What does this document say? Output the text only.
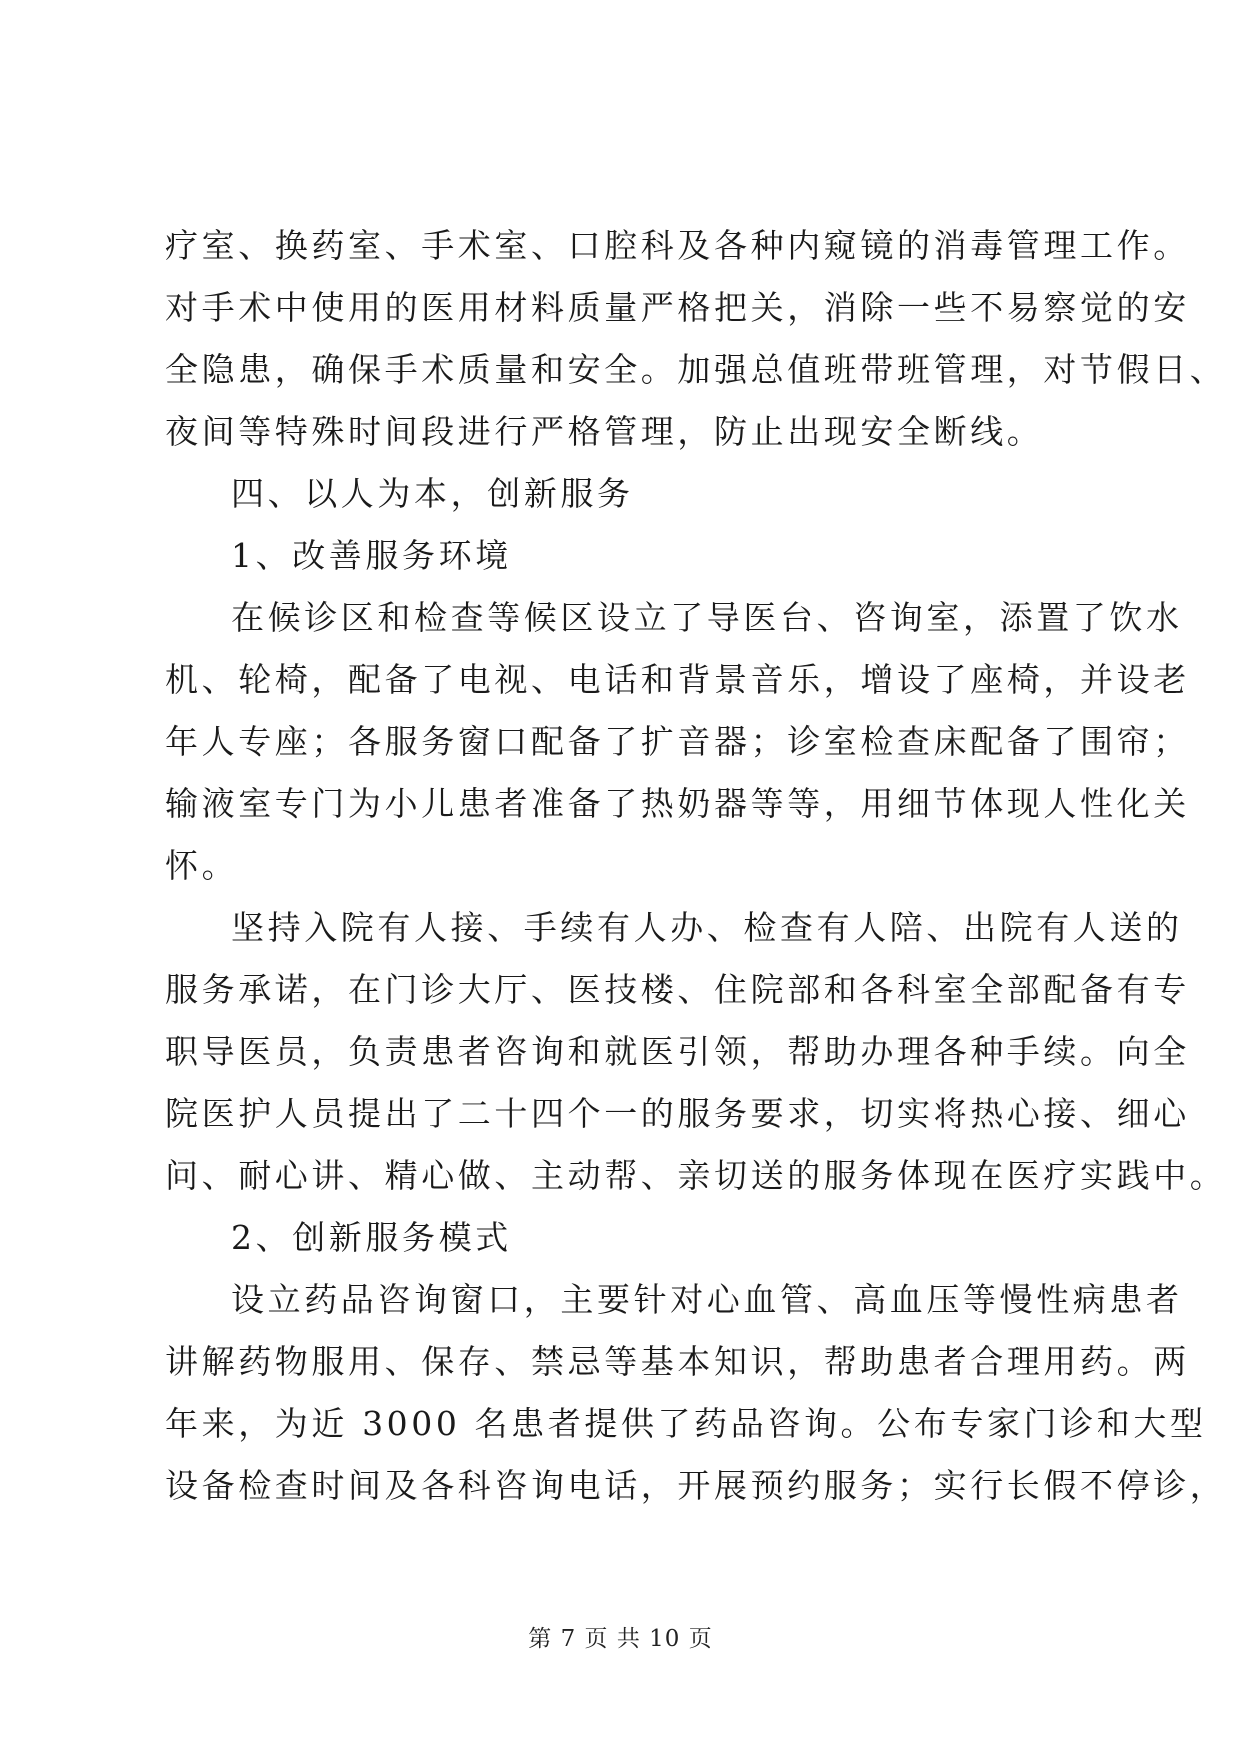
疗室、换药室、手术室、口腔科及各种内窥镜的消毒管理工作。
对手术中使用的医用材料质量严格把关，消除一些不易察觉的安
全隐患，确保手术质量和安全。加强总值班带班管理，对节假日、
夜间等特殊时间段进行严格管理，防止出现安全断线。
四、以人为本，创新服务
1、改善服务环境
在候诊区和检查等候区设立了导医台、咨询室，添置了饮水
机、轮椅，配备了电视、电话和背景音乐，增设了座椅，并设老
年人专座；各服务窗口配备了扩音器；诊室检查床配备了围帘；
输液室专门为小儿患者准备了热奶器等等，用细节体现人性化关
怀。
坚持入院有人接、手续有人办、检查有人陪、出院有人送的
服务承诺，在门诊大厅、医技楼、住院部和各科室全部配备有专
职导医员，负责患者咨询和就医引领，帮助办理各种手续。向全
院医护人员提出了二十四个一的服务要求，切实将热心接、细心
问、耐心讲、精心做、主动帮、亲切送的服务体现在医疗实践中。
2、创新服务模式
设立药品咨询窗口，主要针对心血管、高血压等慢性病患者
讲解药物服用、保存、禁忌等基本知识，帮助患者合理用药。两
年来，为近 3000 名患者提供了药品咨询。公布专家门诊和大型
设备检查时间及各科咨询电话，开展预约服务；实行长假不停诊，
第 7 页 共 10 页
